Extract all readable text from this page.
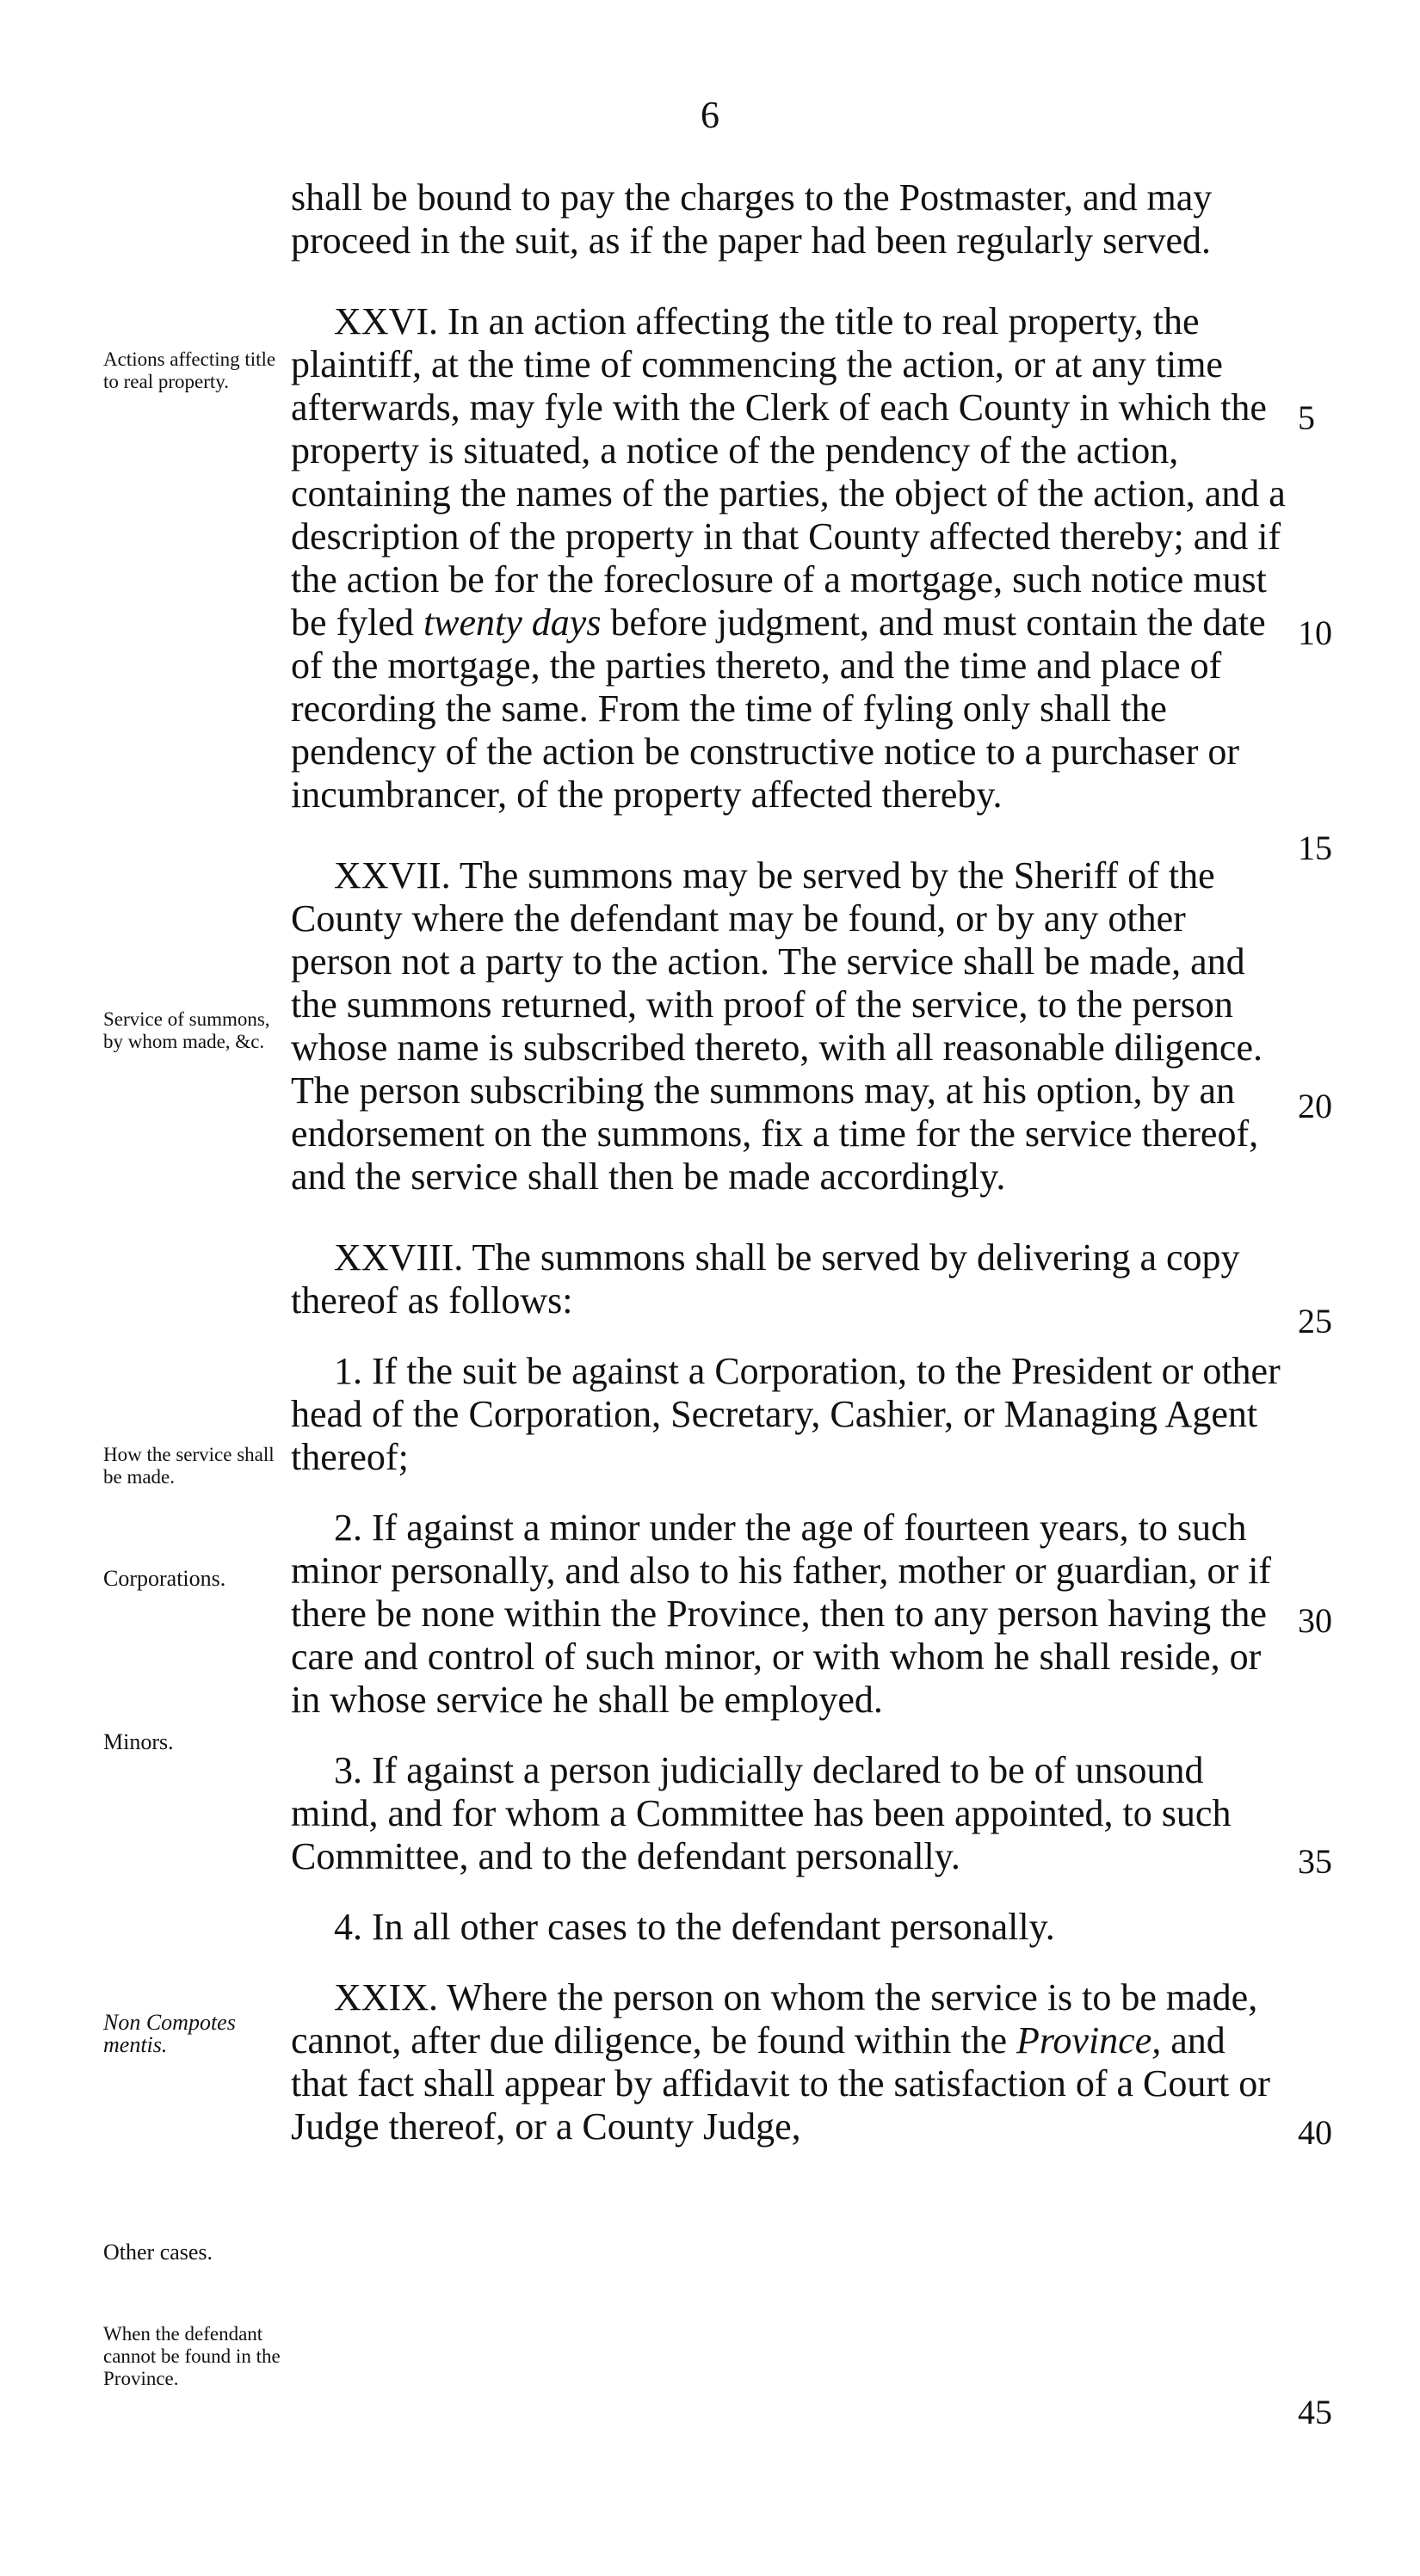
6

shall be bound to pay the charges to the Postmaster, and may proceed in the suit, as if the paper had been regularly served.

XXVI. In an action affecting the title to real property, the plaintiff, at the time of commencing the action, or at any time afterwards, may fyle with the Clerk of each County in which the property is situated, a notice of the pendency of the action, containing the names of the parties, the object of the action, and a description of the property in that County affected thereby; and if the action be for the foreclosure of a mortgage, such notice must be fyled twenty days before judgment, and must contain the date of the mortgage, the parties thereto, and the time and place of recording the same. From the time of fyling only shall the pendency of the action be constructive notice to a purchaser or incumbrancer, of the property affected thereby.

XXVII. The summons may be served by the Sheriff of the County where the defendant may be found, or by any other person not a party to the action. The service shall be made, and the summons returned, with proof of the service, to the person whose name is subscribed thereto, with all reasonable diligence. The person subscribing the summons may, at his option, by an endorsement on the summons, fix a time for the service thereof, and the service shall then be made accordingly.

XXVIII. The summons shall be served by delivering a copy thereof as follows:

1. If the suit be against a Corporation, to the President or other head of the Corporation, Secretary, Cashier, or Managing Agent thereof;

2. If against a minor under the age of fourteen years, to such minor personally, and also to his father, mother or guardian, or if there be none within the Province, then to any person having the care and control of such minor, or with whom he shall reside, or in whose service he shall be employed.

3. If against a person judicially declared to be of unsound mind, and for whom a Committee has been appointed, to such Committee, and to the defendant personally.

4. In all other cases to the defendant personally.

XXIX. Where the person on whom the service is to be made, cannot, after due diligence, be found within the Province, and that fact shall appear by affidavit to the satisfaction of a Court or Judge thereof, or a County Judge,

Actions affecting title to real property.
Service of summons, by whom made, &c.
How the service shall be made.
Corporations.
Minors.
Non Compotes mentis.
Other cases.
When the defendant cannot be found in the Province.
5
10
15
20
25
30
35
40
45
